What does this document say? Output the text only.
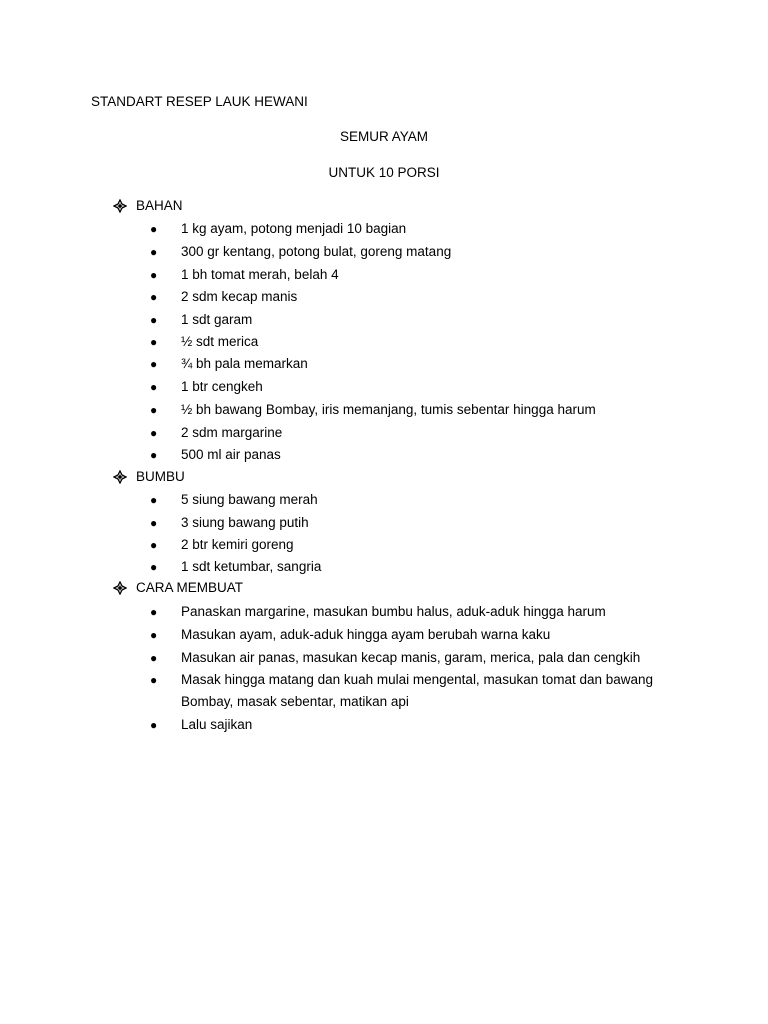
STANDART RESEP LAUK HEWANI
SEMUR AYAM
UNTUK 10 PORSI
BAHAN
●	1 kg ayam, potong menjadi 10 bagian
●	300 gr kentang, potong bulat, goreng matang
●	1 bh tomat merah, belah 4
●	2 sdm kecap manis
●	1 sdt garam
●	½ sdt merica
●	¾ bh pala memarkan
●	1 btr cengkeh
●	½ bh bawang Bombay, iris memanjang, tumis sebentar hingga harum
●	2 sdm margarine
●	500 ml air panas
BUMBU
●	5 siung bawang merah
●	3 siung bawang putih
●	2 btr kemiri goreng
●	1 sdt ketumbar, sangria
CARA MEMBUAT
●	Panaskan margarine, masukan bumbu halus, aduk-aduk hingga harum
●	Masukan ayam, aduk-aduk hingga ayam berubah warna kaku
●	Masukan air panas, masukan kecap manis, garam, merica, pala dan cengkih
●	Masak hingga matang dan kuah mulai mengental, masukan tomat dan bawang Bombay, masak sebentar, matikan api
●	Lalu sajikan
